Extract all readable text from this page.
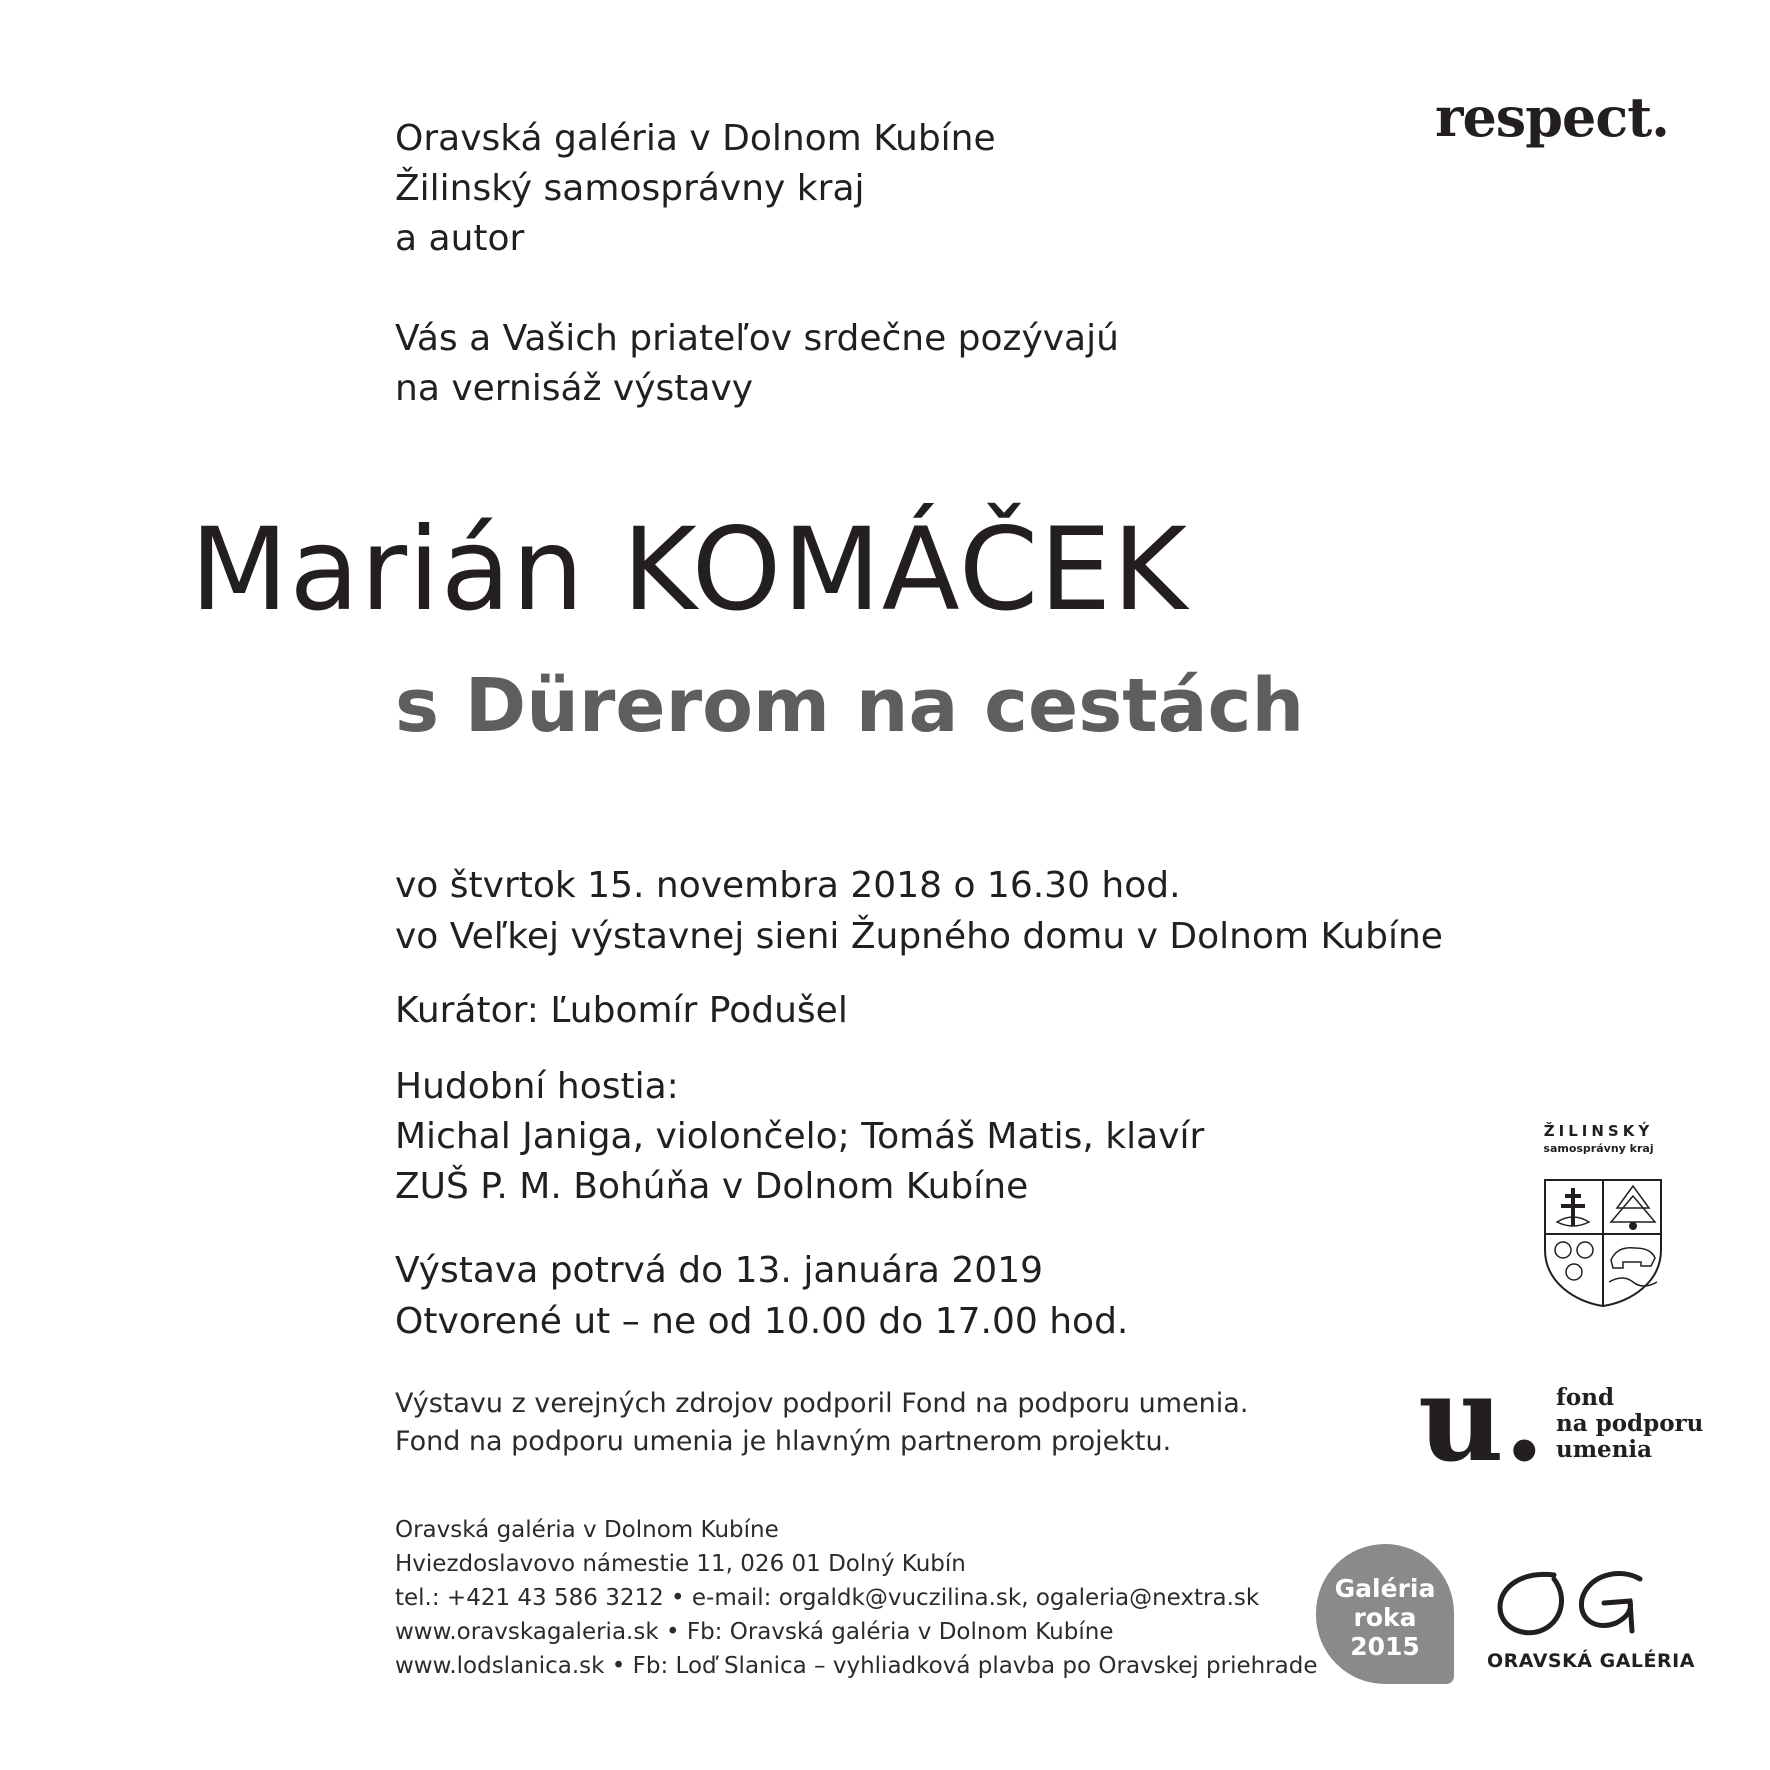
Oravská galéria v Dolnom Kubíne
Žilinský samosprávny kraj
a autor
Vás a Vašich priateľov srdečne pozývajú
na vernisáž výstavy
Marián KOMÁČEK
s Dürerom na cestách
vo štvrtok 15. novembra 2018 o 16.30 hod.
vo Veľkej výstavnej sieni Župného domu v Dolnom Kubíne
Kurátor: Ľubomír Podušel
Hudobní hostia:
Michal Janiga, violončelo; Tomáš Matis, klavír
ZUŠ P. M. Bohúňa v Dolnom Kubíne
Výstava potrvá do 13. januára 2019
Otvorené ut – ne od 10.00 do 17.00 hod.
Výstavu z verejných zdrojov podporil Fond na podporu umenia.
Fond na podporu umenia je hlavným partnerom projektu.
Oravská galéria v Dolnom Kubíne
Hviezdoslavovo námestie 11, 026 01 Dolný Kubín
tel.: +421 43 586 3212 • e-mail: orgaldk@vuczilina.sk, ogaleria@nextra.sk
www.oravskagaleria.sk • Fb: Oravská galéria v Dolnom Kubíne
www.lodslanica.sk • Fb: Loď Slanica – vyhliadková plavba po Oravskej priehrade
respect.
ŽILINSKÝ
samosprávny kraj
u. fond
na podporu
umenia
Galéria
roka
2015	ORAVSKÁ GALÉRIA
